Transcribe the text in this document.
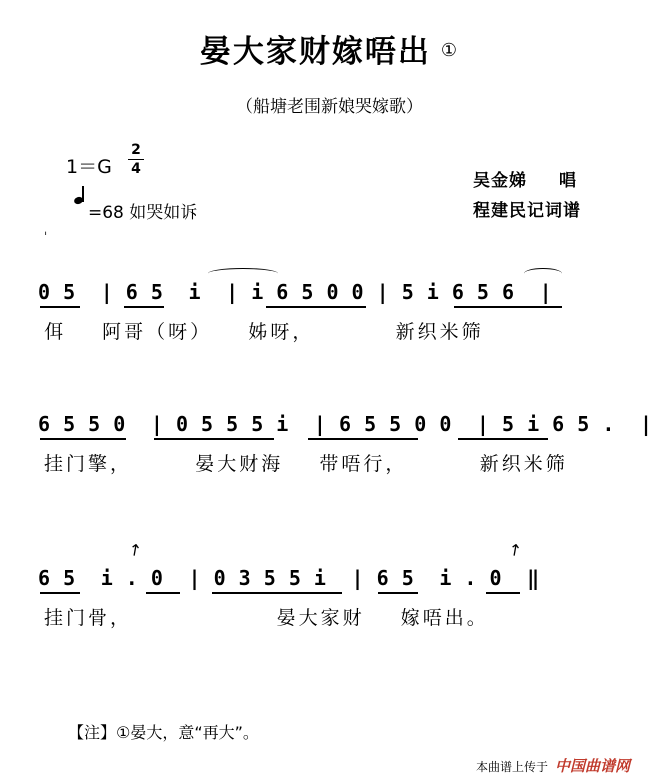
晏大家财嫁唔出 ①
（船塘老围新娘哭嫁歌）
1＝G
2
4
=68 如哭如诉
ˌ
吴金娣 唱
程建民记词谱
0 5  | 6 5  i  | i 6 5 0 0 | 5 i 6 5 6  |
佴    阿哥（呀）    姊呀，         新织米筛
6 5 5 0  | 0 5 5 5 i  | 6 5 5 0 0  | 5 i 6 5 .  |
挂门擎，       晏大财海    带唔行，        新织米筛
6 5  i . 0  | 0 3 5 5 i  | 6 5  i . 0  ‖
↗	↗
挂门骨，                晏大家财    嫁唔出。
【注】①晏大，意“再大”。
本曲谱上传于 中国曲谱网
